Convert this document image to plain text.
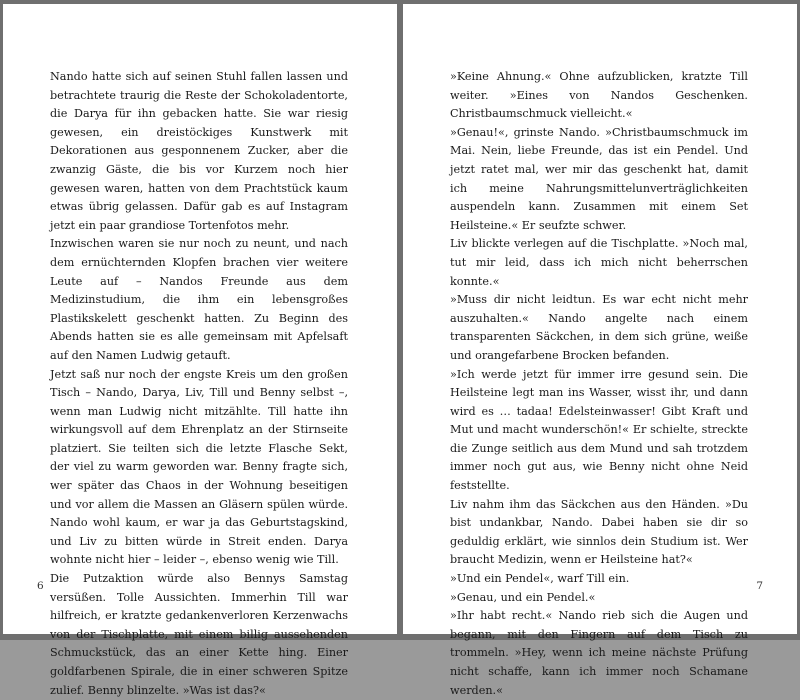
Nando hatte sich auf seinen Stuhl fallen lassen und betrachtete traurig die Reste der Schokoladentorte, die Darya für ihn gebacken hatte. Sie war riesig gewesen, ein dreistöckiges Kunstwerk mit Dekorationen aus gesponnenem Zucker, aber die zwanzig Gäste, die bis vor Kurzem noch hier gewesen waren, hatten von dem Prachtstück kaum etwas übrig gelassen. Dafür gab es auf Instagram jetzt ein paar grandiose Tortenfotos mehr.

Inzwischen waren sie nur noch zu neunt, und nach dem ernüchternden Klopfen brachen vier weitere Leute auf – Nandos Freunde aus dem Medizinstudium, die ihm ein lebensgroßes Plastikskelett geschenkt hatten. Zu Beginn des Abends hatten sie es alle gemeinsam mit Apfelsaft auf den Namen Ludwig getauft.

Jetzt saß nur noch der engste Kreis um den großen Tisch – Nando, Darya, Liv, Till und Benny selbst –, wenn man Ludwig nicht mitzählte. Till hatte ihn wirkungsvoll auf dem Ehrenplatz an der Stirnseite platziert. Sie teilten sich die letzte Flasche Sekt, der viel zu warm geworden war. Benny fragte sich, wer später das Chaos in der Wohnung beseitigen und vor allem die Massen an Gläsern spülen würde. Nando wohl kaum, er war ja das Geburtstagskind, und Liv zu bitten würde in Streit enden. Darya wohnte nicht hier – leider –, ebenso wenig wie Till.

Die Putzaktion würde also Bennys Samstag versüßen. Tolle Aussichten. Immerhin Till war hilfreich, er kratzte gedankenverloren Kerzenwachs von der Tischplatte, mit einem billig aussehenden Schmuckstück, das an einer Kette hing. Einer goldfarbenen Spirale, die in einer schweren Spitze zulief. Benny blinzelte. »Was ist das?«

6

»Keine Ahnung.« Ohne aufzublicken, kratzte Till weiter. »Eines von Nandos Geschenken. Christbaumschmuck vielleicht.«

»Genau!«, grinste Nando. »Christbaumschmuck im Mai. Nein, liebe Freunde, das ist ein Pendel. Und jetzt ratet mal, wer mir das geschenkt hat, damit ich meine Nahrungsmittelunverträglichkeiten auspendeln kann. Zusammen mit einem Set Heilsteine.« Er seufzte schwer.

Liv blickte verlegen auf die Tischplatte. »Noch mal, tut mir leid, dass ich mich nicht beherrschen konnte.«

»Muss dir nicht leidtun. Es war echt nicht mehr auszuhalten.« Nando angelte nach einem transparenten Säckchen, in dem sich grüne, weiße und orangefarbene Brocken befanden.

»Ich werde jetzt für immer irre gesund sein. Die Heilsteine legt man ins Wasser, wisst ihr, und dann wird es … tadaa! Edelsteinwasser! Gibt Kraft und Mut und macht wunderschön!« Er schielte, streckte die Zunge seitlich aus dem Mund und sah trotzdem immer noch gut aus, wie Benny nicht ohne Neid feststellte.

Liv nahm ihm das Säckchen aus den Händen. »Du bist undankbar, Nando. Dabei haben sie dir so geduldig erklärt, wie sinnlos dein Studium ist. Wer braucht Medizin, wenn er Heilsteine hat?«

»Und ein Pendel«, warf Till ein.

»Genau, und ein Pendel.«

»Ihr habt recht.« Nando rieb sich die Augen und begann, mit den Fingern auf dem Tisch zu trommeln. »Hey, wenn ich meine nächste Prüfung nicht schaffe, kann ich immer noch Schamane werden.«

7
